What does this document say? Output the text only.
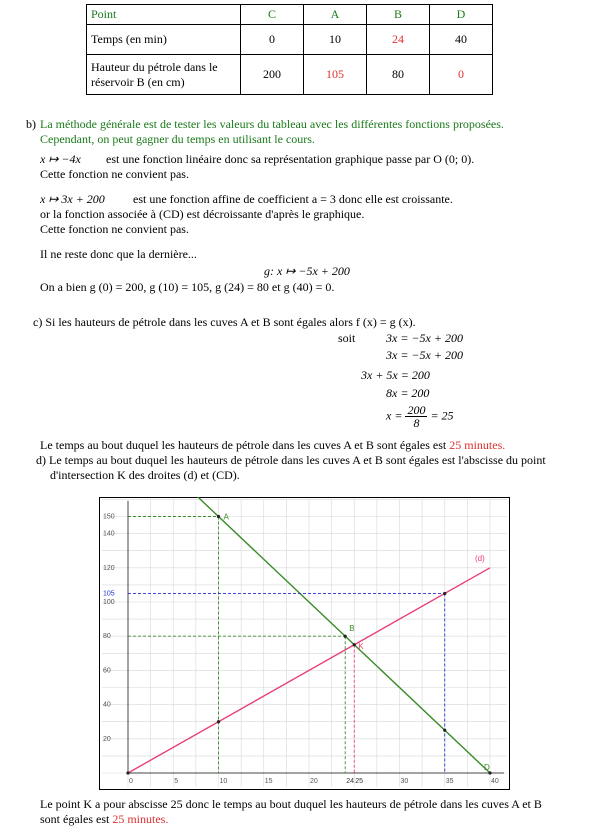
Point	C	A	B	D
Temps (en min)	0	10	24	40

Hauteur du pétrole dans le
réservoir B (en cm)	200	105	80	0
b) La méthode générale est de tester les valeurs du tableau avec les différentes fonctions proposées.
Cependant, on peut gagner du temps en utilisant le cours.
x ↦ −4x est une fonction linéaire donc sa représentation graphique passe par O (0; 0).
Cette fonction ne convient pas.
x ↦ 3x + 200 est une fonction affine de coefficient a = 3 donc elle est croissante.
or la fonction associée à (CD) est décroissante d'après le graphique.
Cette fonction ne convient pas.
Il ne reste donc que la dernière...
g: x ↦ −5x + 200
On a bien g (0) = 200, g (10) = 105, g (24) = 80 et g (40) = 0.
c) Si les hauteurs de pétrole dans les cuves A et B sont égales alors f (x) = g (x).
soit	3x = −5x + 200
3x = −5x + 200
3x + 5x = 200
8x = 200
$x = \frac{200}{8} = 25$
Le temps au bout duquel les hauteurs de pétrole dans les cuves A et B sont égales est 25 minutes.
d) Le temps au bout duquel les hauteurs de pétrole dans les cuves A et B sont égales est l'abscisse du point
d'intersection K des droites (d) et (CD).
0	5	10	15	20	24 25	30	35	40
20
40
60
80
100
105
120
140
150	A
B
K
D
(d)
Le point K a pour abscisse 25 donc le temps au bout duquel les hauteurs de pétrole dans les cuves A et B
sont égales est 25 minutes.
